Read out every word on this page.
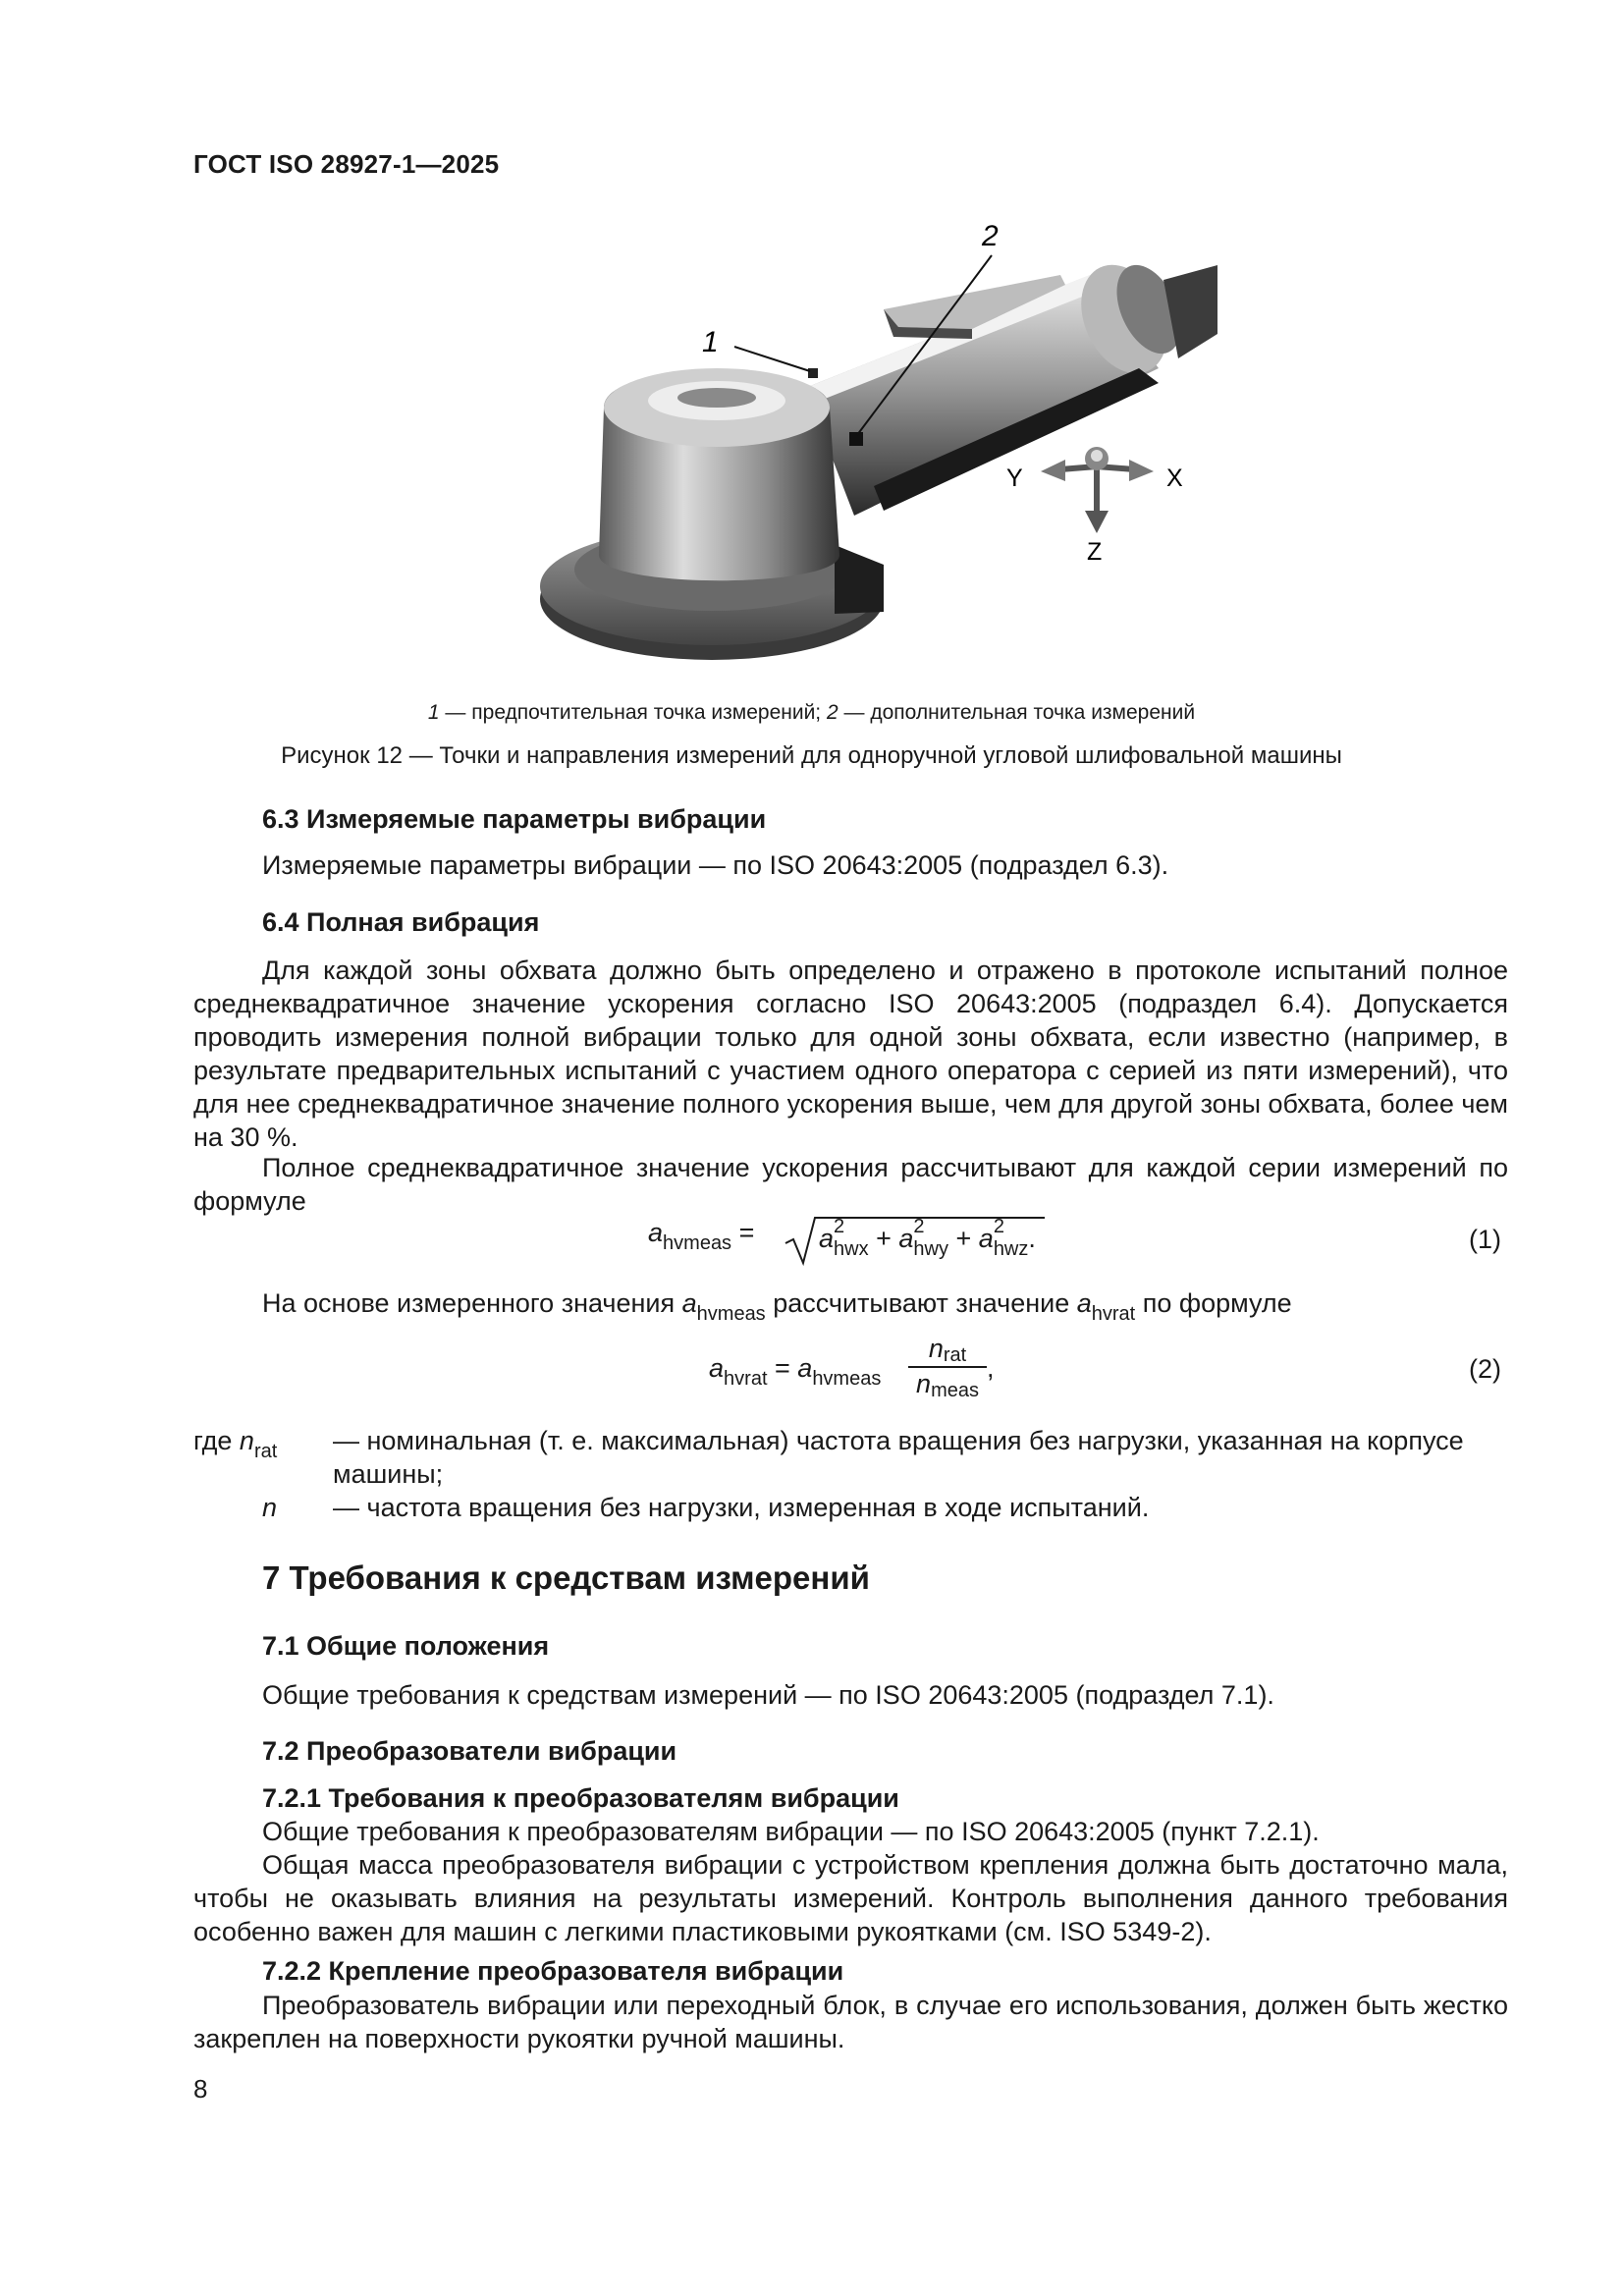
ГОСТ ISO 28927-1—2025
1
2
Y	X
Z
1 — предпочтительная точка измерений; 2 — дополнительная точка измерений
Рисунок 12 — Точки и направления измерений для одноручной угловой шлифовальной машины
6.3 Измеряемые параметры вибрации
Измеряемые параметры вибрации — по ISO 20643:2005 (подраздел 6.3).
6.4 Полная вибрация

Для каждой зоны обхвата должно быть определено и отражено в протоколе испытаний полное среднеквадратичное значение ускорения согласно ISO 20643:2005 (подраздел 6.4). Допускается проводить измерения полной вибрации только для одной зоны обхвата, если известно (например, в результате предварительных испытаний с участием одного оператора с серией из пяти измерений), что для нее среднеквадратичное значение полного ускорения выше, чем для другой зоны обхвата, более чем на 30 %.

Полное среднеквадратичное значение ускорения рассчитывают для каждой серии измерений по формуле

$a_{hvmeas} = a$ 2
$_{hwx}$ + a 2
$_{hwy}$ + a 2
$_{hwz}$.	(1)
На основе измеренного значения $a_{hvmeas}$ рассчитывают значение $a_{hvrat}$ по формуле
$a_{hvrat} = a_{hvmeas}$
nrat
nmeas
,	(2)
где $n_{rat}$	— номинальная (т. е. максимальная) частота вращения без нагрузки, указанная на корпусе машины;
n	— частота вращения без нагрузки, измеренная в ходе испытаний.
7 Требования к средствам измерений
7.1 Общие положения
Общие требования к средствам измерений — по ISO 20643:2005 (подраздел 7.1).
7.2 Преобразователи вибрации
7.2.1 Требования к преобразователям вибрации

Общие требования к преобразователям вибрации — по ISO 20643:2005 (пункт 7.2.1).

Общая масса преобразователя вибрации с устройством крепления должна быть достаточно мала, чтобы не оказывать влияния на результаты измерений. Контроль выполнения данного требования особенно важен для машин с легкими пластиковыми рукоятками (см. ISO 5349-2).

7.2.2 Крепление преобразователя вибрации

Преобразователь вибрации или переходный блок, в случае его использования, должен быть жестко закреплен на поверхности рукоятки ручной машины.

8
